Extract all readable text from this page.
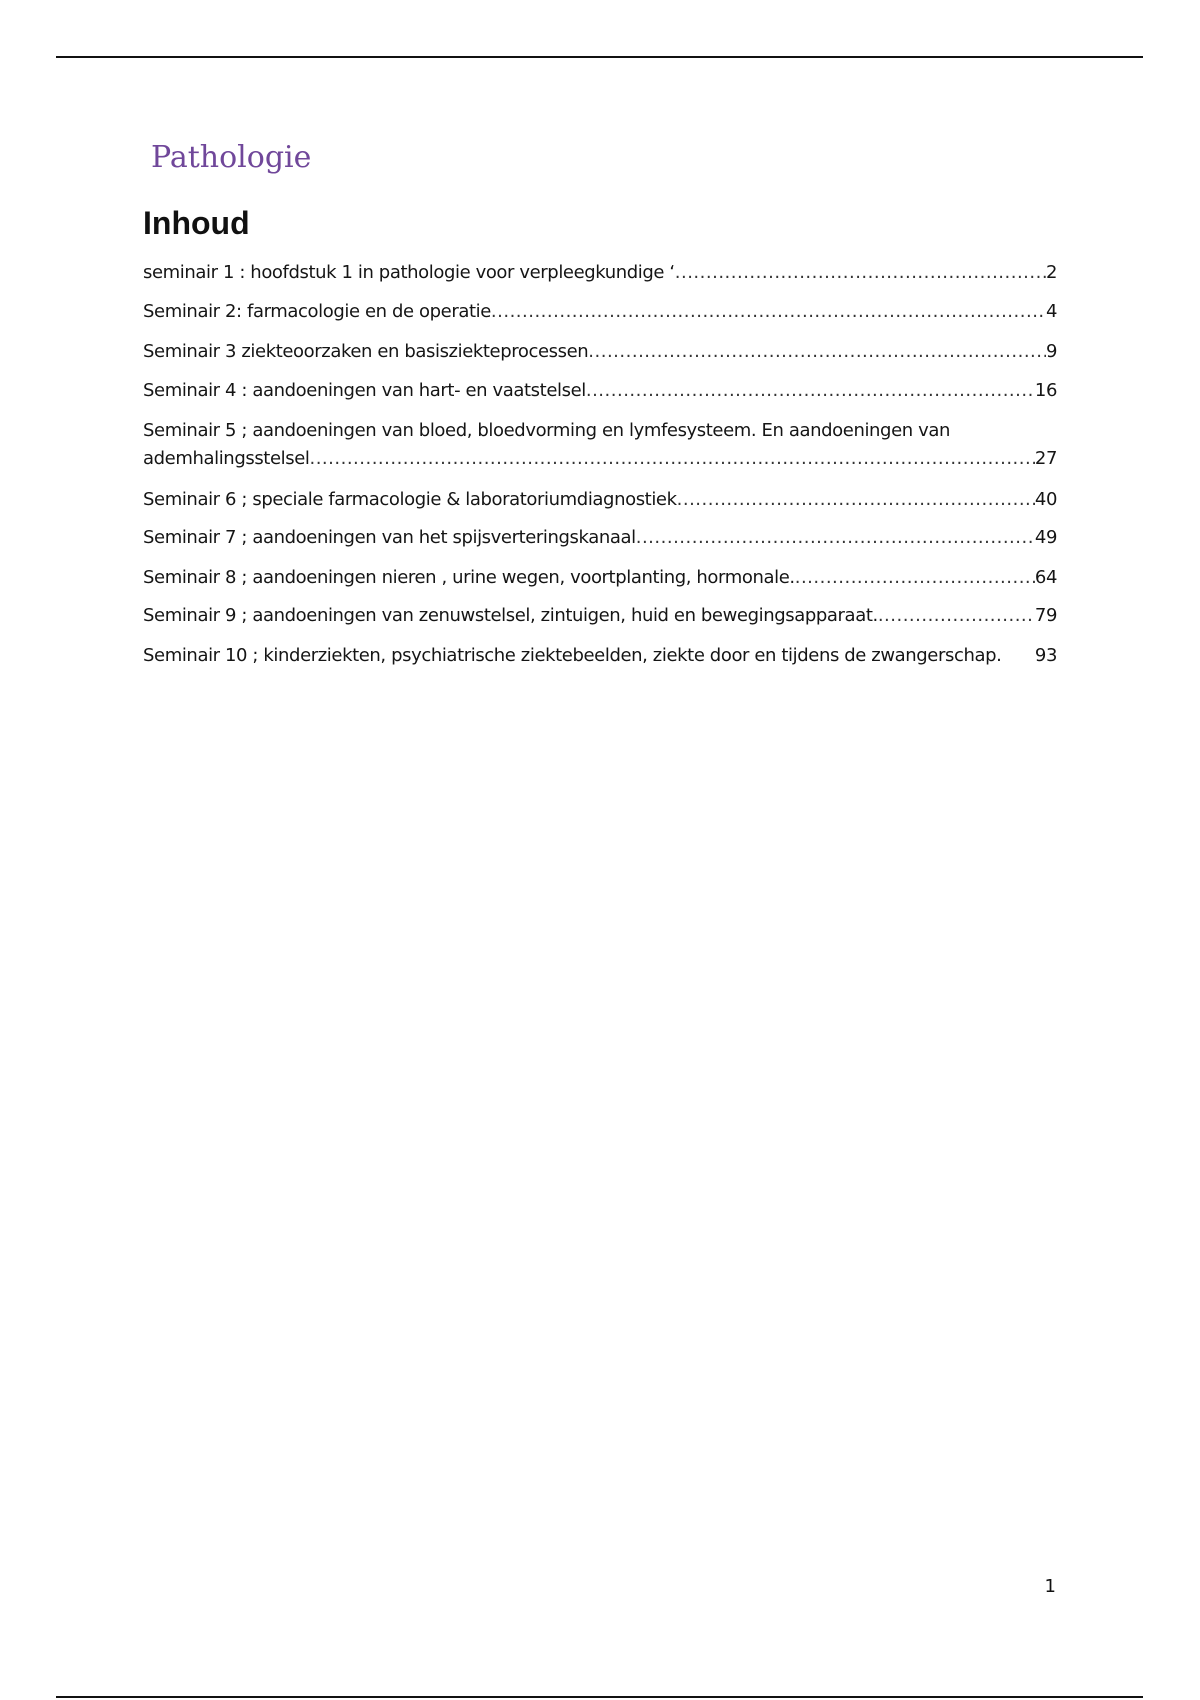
Pathologie
Inhoud
seminair 1 : hoofdstuk 1 in pathologie voor verpleegkundige ‘ .....	2
Seminair 2: farmacologie en de operatie .....	4
Seminair 3 ziekteoorzaken en basisziekteprocessen .....	9
Seminair 4 : aandoeningen van hart- en vaatstelsel .....	16
Seminair 5 ; aandoeningen van bloed, bloedvorming en lymfesysteem. En aandoeningen van
ademhalingsstelsel .....	27
Seminair 6 ; speciale farmacologie & laboratoriumdiagnostiek .....	40
Seminair 7 ; aandoeningen van het spijsverteringskanaal .....	49
Seminair 8 ; aandoeningen nieren , urine wegen, voortplanting, hormonale. .....	64
Seminair 9 ; aandoeningen van zenuwstelsel, zintuigen, huid en bewegingsapparaat. .....	79
Seminair 10 ; kinderziekten, psychiatrische ziektebeelden, ziekte door en tijdens de zwangerschap. 93
1
